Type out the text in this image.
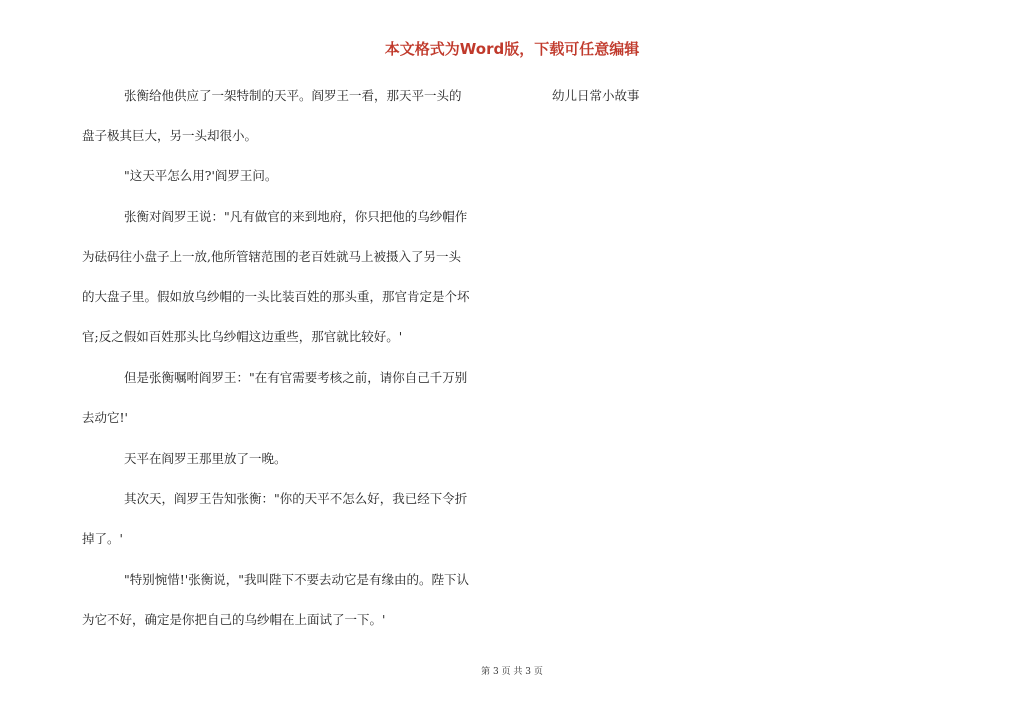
本文格式为Word版，下载可任意编辑
幼儿日常小故事
张衡给他供应了一架特制的天平。阎罗王一看，那天平一头的
盘子极其巨大，另一头却很小。
"这天平怎么用?'阎罗王问。
张衡对阎罗王说："凡有做官的来到地府，你只把他的乌纱帽作
为砝码往小盘子上一放,他所管辖范围的老百姓就马上被摄入了另一头
的大盘子里。假如放乌纱帽的一头比装百姓的那头重，那官肯定是个坏
官;反之假如百姓那头比乌纱帽这边重些，那官就比较好。'
但是张衡嘱咐阎罗王："在有官需要考核之前，请你自己千万别
去动它!'
天平在阎罗王那里放了一晚。
其次天，阎罗王告知张衡："你的天平不怎么好，我已经下令折
掉了。'
"特别惋惜!'张衡说，"我叫陛下不要去动它是有缘由的。陛下认
为它不好，确定是你把自己的乌纱帽在上面试了一下。'
第 3 页 共 3 页
